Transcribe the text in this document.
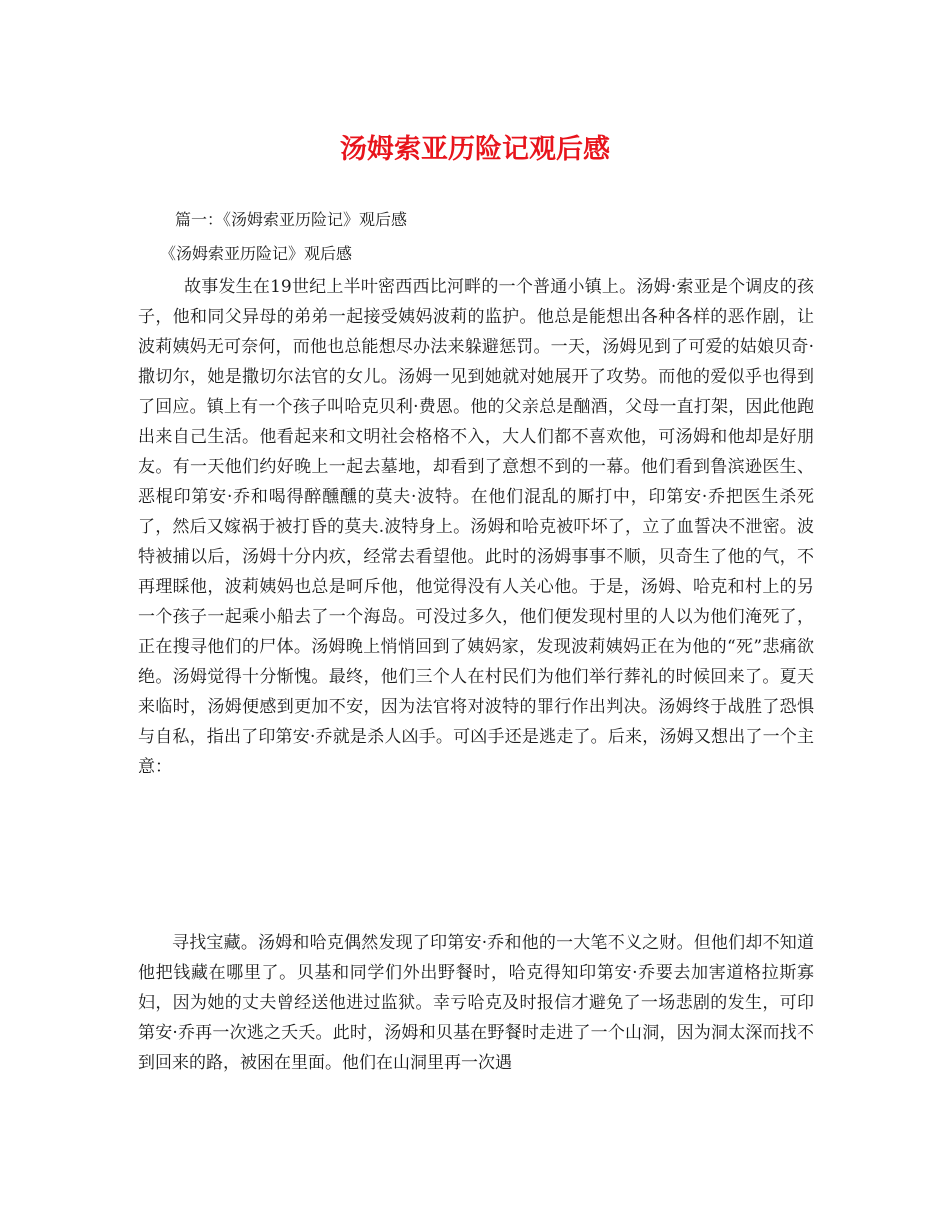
汤姆索亚历险记观后感

篇一：《汤姆索亚历险记》观后感

《汤姆索亚历险记》观后感

故事发生在19世纪上半叶密西西比河畔的一个普通小镇上。汤姆·索亚是个调皮的孩子，他和同父异母的弟弟一起接受姨妈波莉的监护。他总是能想出各种各样的恶作剧，让波莉姨妈无可奈何，而他也总能想尽办法来躲避惩罚。一天，汤姆见到了可爱的姑娘贝奇·撒切尔，她是撒切尔法官的女儿。汤姆一见到她就对她展开了攻势。而他的爱似乎也得到了回应。镇上有一个孩子叫哈克贝利·费恩。他的父亲总是酗酒，父母一直打架，因此他跑出来自己生活。他看起来和文明社会格格不入，大人们都不喜欢他，可汤姆和他却是好朋友。有一天他们约好晚上一起去墓地，却看到了意想不到的一幕。他们看到鲁滨逊医生、恶棍印第安·乔和喝得醉醺醺的莫夫·波特。在他们混乱的厮打中，印第安·乔把医生杀死了，然后又嫁祸于被打昏的莫夫.波特身上。汤姆和哈克被吓坏了，立了血誓决不泄密。波特被捕以后，汤姆十分内疚，经常去看望他。此时的汤姆事事不顺，贝奇生了他的气，不再理睬他，波莉姨妈也总是呵斥他，他觉得没有人关心他。于是，汤姆、哈克和村上的另一个孩子一起乘小船去了一个海岛。可没过多久，他们便发现村里的人以为他们淹死了，正在搜寻他们的尸体。汤姆晚上悄悄回到了姨妈家，发现波莉姨妈正在为他的“死”悲痛欲绝。汤姆觉得十分惭愧。最终，他们三个人在村民们为他们举行葬礼的时候回来了。夏天来临时，汤姆便感到更加不安，因为法官将对波特的罪行作出判决。汤姆终于战胜了恐惧与自私，指出了印第安·乔就是杀人凶手。可凶手还是逃走了。后来，汤姆又想出了一个主意：

寻找宝藏。汤姆和哈克偶然发现了印第安·乔和他的一大笔不义之财。但他们却不知道他把钱藏在哪里了。贝基和同学们外出野餐时，哈克得知印第安·乔要去加害道格拉斯寡妇，因为她的丈夫曾经送他进过监狱。幸亏哈克及时报信才避免了一场悲剧的发生，可印第安·乔再一次逃之夭夭。此时，汤姆和贝基在野餐时走进了一个山洞，因为洞太深而找不到回来的路，被困在里面。他们在山洞里再一次遇
